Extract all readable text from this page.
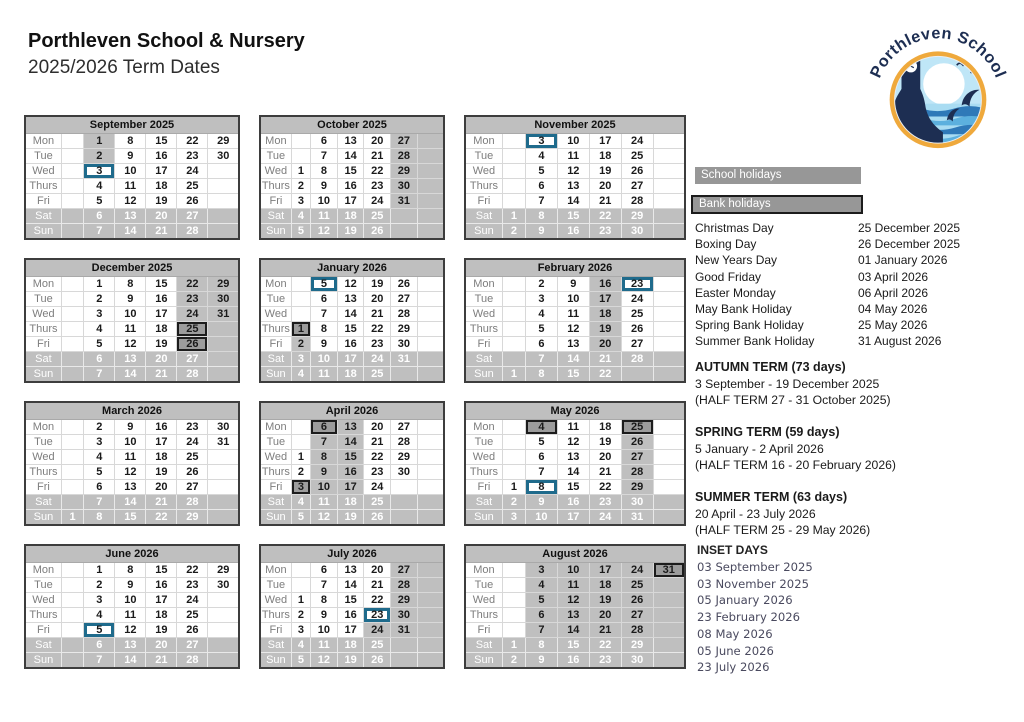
Porthleven School & Nursery
2025/2026 Term Dates	Porthleven School
September 2025						
Mon		1	8	15	22	29
Tue		2	9	16	23	30
Wed		3	10	17	24	
Thurs		4	11	18	25	
Fri		5	12	19	26	
Sat		6	13	20	27	
Sun		7	14	21	28	
October 2025						
Mon		6	13	20	27	
Tue		7	14	21	28	
Wed	1	8	15	22	29	
Thurs	2	9	16	23	30	
Fri	3	10	17	24	31	
Sat	4	11	18	25		
Sun	5	12	19	26		
November 2025						
Mon		3	10	17	24	
Tue		4	11	18	25	
Wed		5	12	19	26	
Thurs		6	13	20	27	
Fri		7	14	21	28	
Sat	1	8	15	22	29	
Sun	2	9	16	23	30	
December 2025						
Mon		1	8	15	22	29
Tue		2	9	16	23	30
Wed		3	10	17	24	31
Thurs		4	11	18	25	
Fri		5	12	19	26	
Sat		6	13	20	27	
Sun		7	14	21	28	
January 2026						
Mon		5	12	19	26	
Tue		6	13	20	27	
Wed		7	14	21	28	
Thurs	1	8	15	22	29	
Fri	2	9	16	23	30	
Sat	3	10	17	24	31	
Sun	4	11	18	25		
February 2026						
Mon		2	9	16	23	
Tue		3	10	17	24	
Wed		4	11	18	25	
Thurs		5	12	19	26	
Fri		6	13	20	27	
Sat		7	14	21	28	
Sun	1	8	15	22		
March 2026						
Mon		2	9	16	23	30
Tue		3	10	17	24	31
Wed		4	11	18	25	
Thurs		5	12	19	26	
Fri		6	13	20	27	
Sat		7	14	21	28	
Sun	1	8	15	22	29	
April 2026						
Mon		6	13	20	27	
Tue		7	14	21	28	
Wed	1	8	15	22	29	
Thurs	2	9	16	23	30	
Fri	3	10	17	24		
Sat	4	11	18	25		
Sun	5	12	19	26		
May 2026						
Mon		4	11	18	25	
Tue		5	12	19	26	
Wed		6	13	20	27	
Thurs		7	14	21	28	
Fri	1	8	15	22	29	
Sat	2	9	16	23	30	
Sun	3	10	17	24	31	
June 2026						
Mon		1	8	15	22	29
Tue		2	9	16	23	30
Wed		3	10	17	24	
Thurs		4	11	18	25	
Fri		5	12	19	26	
Sat		6	13	20	27	
Sun		7	14	21	28	
July 2026						
Mon		6	13	20	27	
Tue		7	14	21	28	
Wed	1	8	15	22	29	
Thurs	2	9	16	23	30	
Fri	3	10	17	24	31	
Sat	4	11	18	25		
Sun	5	12	19	26		
August 2026						
Mon		3	10	17	24	31
Tue		4	11	18	25	
Wed		5	12	19	26	
Thurs		6	13	20	27	
Fri		7	14	21	28	
Sat	1	8	15	22	29	
Sun	2	9	16	23	30	
School holidays
Bank holidays
Christmas Day	25 December 2025
Boxing Day	26 December 2025
New Years Day	01 January 2026
Good Friday	03 April 2026
Easter Monday	06 April 2026
May Bank Holiday	04 May 2026
Spring Bank Holiday	25 May 2026
Summer Bank Holiday	31 August 2026
AUTUMN TERM (73 days)
3 September - 19 December 2025
(HALF TERM 27 - 31 October 2025)
SPRING TERM (59 days)
5 January - 2 April 2026
(HALF TERM 16 - 20 February 2026)
SUMMER TERM (63 days)
20 April - 23 July 2026
(HALF TERM 25 - 29 May 2026)
INSET DAYS
03 September 2025
03 November 2025
05 January 2026
23 February 2026
08 May 2026
05 June 2026
23 July 2026
